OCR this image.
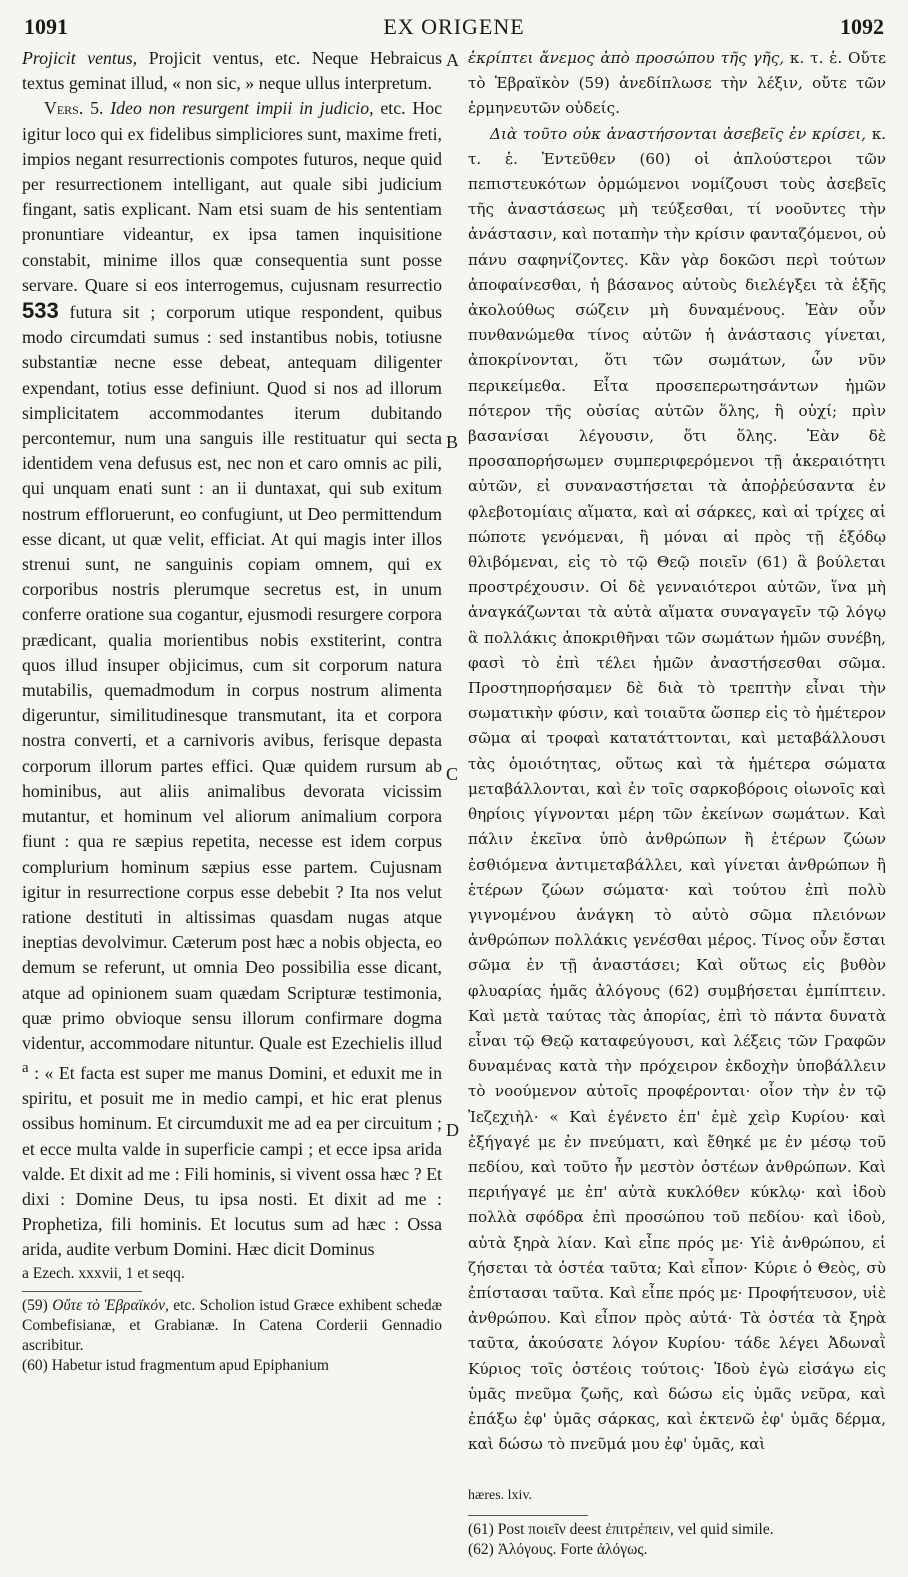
1091	EX ORIGENE	1092
A
B
C
D

Projicit ventus, Projicit ventus, etc. Neque Hebraicus textus geminat illud, « non sic, » neque ullus interpretum.

Vers. 5. Ideo non resurgent impii in judicio, etc. Hoc igitur loco qui ex fidelibus simpliciores sunt, maxime freti, impios negant resurrectionis compotes futuros, neque quid per resurrectionem intelligant, aut quale sibi judicium fingant, satis explicant. Nam etsi suam de his sententiam pronuntiare videantur, ex ipsa tamen inquisitione constabit, minime illos quæ consequentia sunt posse servare. Quare si eos interrogemus, cujusnam resurrectio 533 futura sit ; corporum utique respondent, quibus modo circumdati sumus : sed instantibus nobis, totiusne substantiæ necne esse debeat, antequam diligenter expendant, totius esse definiunt. Quod si nos ad illorum simplicitatem accommodantes iterum dubitando percontemur, num una sanguis ille restituatur qui secta identidem vena defusus est, nec non et caro omnis ac pili, qui unquam enati sunt : an ii duntaxat, qui sub exitum nostrum effloruerunt, eo confugiunt, ut Deo permittendum esse dicant, ut quæ velit, efficiat. At qui magis inter illos strenui sunt, ne sanguinis copiam omnem, qui ex corporibus nostris plerumque secretus est, in unum conferre oratione sua cogantur, ejusmodi resurgere corpora prædicant, qualia morientibus nobis exstiterint, contra quos illud insuper objicimus, cum sit corporum natura mutabilis, quemadmodum in corpus nostrum alimenta digeruntur, similitudinesque transmutant, ita et corpora nostra converti, et a carnivoris avibus, ferisque depasta corporum illorum partes effici. Quæ quidem rursum ab hominibus, aut aliis animalibus devorata vicissim mutantur, et hominum vel aliorum animalium corpora fiunt : qua re sæpius repetita, necesse est idem corpus complurium hominum sæpius esse partem. Cujusnam igitur in resurrectione corpus esse debebit ? Ita nos velut ratione destituti in altissimas quasdam nugas atque ineptias devolvimur. Cæterum post hæc a nobis objecta, eo demum se referunt, ut omnia Deo possibilia esse dicant, atque ad opinionem suam quædam Scripturæ testimonia, quæ primo obvioque sensu illorum confirmare dogma videntur, accommodare nituntur. Quale est Ezechielis illud $^a$ : « Et facta est super me manus Domini, et eduxit me in spiritu, et posuit me in medio campi, et hic erat plenus ossibus hominum. Et circumduxit me ad ea per circuitum ; et ecce multa valde in superficie campi ; et ecce ipsa arida valde. Et dixit ad me : Fili hominis, si vivent ossa hæc ? Et dixi : Domine Deus, tu ipsa nosti. Et dixit ad me : Prophetiza, fili hominis. Et locutus sum ad hæc : Ossa arida, audite verbum Domini. Hæc dicit Dominus

a Ezech. xxxvii, 1 et seqq.

(59) Οὔτε τὸ Ἑβραϊκόν, etc. Scholion istud Græce exhibent schedæ Combefisianæ, et Grabianæ. In Catena Corderii Gennadio ascribitur.

(60) Habetur istud fragmentum apud Epiphanium

ἐκρίπτει ἄνεμος ἀπὸ προσώπου τῆς γῆς, κ. τ. ἑ. Οὔτε τὸ Ἑβραϊκὸν (59) ἀνεδίπλωσε τὴν λέξιν, οὔτε τῶν ἑρμηνευτῶν οὐδείς.

Διὰ τοῦτο οὐκ ἀναστήσονται ἀσεβεῖς ἐν κρίσει, κ. τ. ἑ. Ἐντεῦθεν (60) οἱ ἁπλούστεροι τῶν πεπιστευκότων ὁρμώμενοι νομίζουσι τοὺς ἀσεβεῖς τῆς ἀναστάσεως μὴ τεύξεσθαι, τί νοοῦντες τὴν ἀνάστασιν, καὶ ποταπὴν τὴν κρίσιν φανταζόμενοι, οὐ πάνυ σαφηνίζοντες. Κἂν γὰρ δοκῶσι περὶ τούτων ἀποφαίνεσθαι, ἡ βάσανος αὐτοὺς διελέγξει τὰ ἑξῆς ἀκολούθως σώζειν μὴ δυναμένους. Ἐὰν οὖν πυνθανώμεθα τίνος αὐτῶν ἡ ἀνάστασις γίνεται, ἀποκρίνονται, ὅτι τῶν σωμάτων, ὧν νῦν περικείμεθα. Εἶτα προσεπερωτησάντων ἡμῶν πότερον τῆς οὐσίας αὐτῶν ὅλης, ἢ οὐχί; πρὶν βασανίσαι λέγουσιν, ὅτι ὅλης. Ἐὰν δὲ προσαπορήσωμεν συμπεριφερόμενοι τῇ ἀκεραιότητι αὐτῶν, εἰ συναναστήσεται τὰ ἀποῤῥεύσαντα ἐν φλεβοτομίαις αἵματα, καὶ αἱ σάρκες, καὶ αἱ τρίχες αἱ πώποτε γενόμεναι, ἢ μόναι αἱ πρὸς τῇ ἐξόδῳ θλιβόμεναι, εἰς τὸ τῷ Θεῷ ποιεῖν (61) ἃ βούλεται προστρέχουσιν. Οἱ δὲ γενναιότεροι αὐτῶν, ἵνα μὴ ἀναγκάζωνται τὰ αὐτὰ αἵματα συναγαγεῖν τῷ λόγῳ ἃ πολλάκις ἀποκριθῆναι τῶν σωμάτων ἡμῶν συνέβη, φασὶ τὸ ἐπὶ τέλει ἡμῶν ἀναστήσεσθαι σῶμα. Προστηπορήσαμεν δὲ διὰ τὸ τρεπτὴν εἶναι τὴν σωματικὴν φύσιν, καὶ τοιαῦτα ὥσπερ εἰς τὸ ἡμέτερον σῶμα αἱ τροφαὶ κατατάττονται, καὶ μεταβάλλουσι τὰς ὁμοιότητας, οὕτως καὶ τὰ ἡμέτερα σώματα μεταβάλλονται, καὶ ἐν τοῖς σαρκοβόροις οἰωνοῖς καὶ θηρίοις γίγνονται μέρη τῶν ἐκείνων σωμάτων. Καὶ πάλιν ἐκεῖνα ὑπὸ ἀνθρώπων ἢ ἑτέρων ζώων ἐσθιόμενα ἀντιμεταβάλλει, καὶ γίνεται ἀνθρώπων ἢ ἑτέρων ζώων σώματα· καὶ τούτου ἐπὶ πολὺ γιγνομένου ἀνάγκη τὸ αὐτὸ σῶμα πλειόνων ἀνθρώπων πολλάκις γενέσθαι μέρος. Τίνος οὖν ἔσται σῶμα ἐν τῇ ἀναστάσει; Καὶ οὕτως εἰς βυθὸν φλυαρίας ἡμᾶς ἀλόγους (62) συμβήσεται ἐμπίπτειν. Καὶ μετὰ ταύτας τὰς ἀπορίας, ἐπὶ τὸ πάντα δυνατὰ εἶναι τῷ Θεῷ καταφεύγουσι, καὶ λέξεις τῶν Γραφῶν δυναμένας κατὰ τὴν πρόχειρον ἐκδοχὴν ὑποβάλλειν τὸ νοούμενον αὐτοῖς προφέρονται· οἷον τὴν ἐν τῷ Ἰεζεχιὴλ· « Καὶ ἐγένετο ἐπ' ἐμὲ χεὶρ Κυρίου· καὶ ἐξήγαγέ με ἐν πνεύματι, καὶ ἔθηκέ με ἐν μέσῳ τοῦ πεδίου, καὶ τοῦτο ἦν μεστὸν ὀστέων ἀνθρώπων. Καὶ περιήγαγέ με ἐπ' αὐτὰ κυκλόθεν κύκλῳ· καὶ ἰδοὺ πολλὰ σφόδρα ἐπὶ προσώπου τοῦ πεδίου· καὶ ἰδοὺ, αὐτὰ ξηρὰ λίαν. Καὶ εἶπε πρός με· Υἱὲ ἀνθρώπου, εἰ ζήσεται τὰ ὀστέα ταῦτα; Καὶ εἶπον· Κύριε ὁ Θεὸς, σὺ ἐπίστασαι ταῦτα. Καὶ εἶπε πρός με· Προφήτευσον, υἱὲ ἀνθρώπου. Καὶ εἶπον πρὸς αὐτά· Τὰ ὀστέα τὰ ξηρὰ ταῦτα, ἀκούσατε λόγον Κυρίου· τάδε λέγει Ἀδωναῒ Κύριος τοῖς ὀστέοις τούτοις· Ἰδοὺ ἐγὼ εἰσάγω εἰς ὑμᾶς πνεῦμα ζωῆς, καὶ δώσω εἰς ὑμᾶς νεῦρα, καὶ ἐπάξω ἐφ' ὑμᾶς σάρκας, καὶ ἐκτενῶ ἐφ' ὑμᾶς δέρμα, καὶ δώσω τὸ πνεῦμά μου ἐφ' ὑμᾶς, καὶ

hæres. lxiv.

(61) Post ποιεῖν deest ἐπιτρέπειν, vel quid simile.

(62) Ἀλόγους. Forte ἀλόγως.
